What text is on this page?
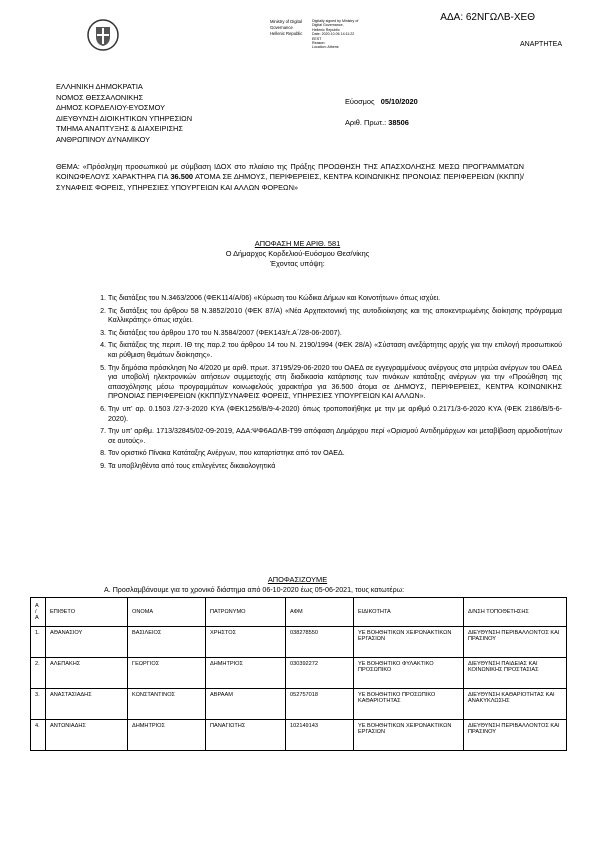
ΑΔΑ: 62ΝΓΩΛΒ-ΧΕΘ
ΑΝΑΡΤΗΤΕΑ
Ministry of Digital
Governance
Hellenic Republic
Digitally signed by Ministry of
Digital Governance,
Hellenic Republic
Date: 2020.10.06 14:11:22
EEST
Reason:
Location: Athens
ΕΛΛΗΝΙΚΗ ΔΗΜΟΚΡΑΤΙΑ
ΝΟΜΟΣ ΘΕΣΣΑΛΟΝΙΚΗΣ
ΔΗΜΟΣ ΚΟΡΔΕΛΙΟΥ-ΕΥΟΣΜΟΥ
ΔΙΕΥΘΥΝΣΗ ΔΙΟΙΚΗΤΙΚΩΝ ΥΠΗΡΕΣΙΩΝ
ΤΜΗΜΑ ΑΝΑΠΤΥΞΗΣ & ΔΙΑΧΕΙΡΙΣΗΣ
ΑΝΘΡΩΠΙΝΟΥ ΔΥΝΑΜΙΚΟΥ
Εύοσμος 05/10/2020
Αριθ. Πρωτ.: 38506
ΘΕΜΑ: «Πρόσληψη προσωπικού με σύμβαση ΙΔΟΧ στο πλαίσιο της Πράξης ΠΡΟΩΘΗΣΗ ΤΗΣ ΑΠΑΣΧΟΛΗΣΗΣ ΜΕΣΩ ΠΡΟΓΡΑΜΜΑΤΩΝ ΚΟΙΝΩΦΕΛΟΥΣ ΧΑΡΑΚΤΗΡΑ ΓΙΑ 36.500 ΑΤΟΜΑ ΣΕ ΔΗΜΟΥΣ, ΠΕΡΙΦΕΡΕΙΕΣ, ΚΕΝΤΡΑ ΚΟΙΝΩΝΙΚΗΣ ΠΡΟΝΟΙΑΣ ΠΕΡΙΦΕΡΕΙΩΝ (ΚΚΠΠ)/ΣΥΝΑΦΕΙΣ ΦΟΡΕΙΣ, ΥΠΗΡΕΣΙΕΣ ΥΠΟΥΡΓΕΙΩΝ ΚΑΙ ΑΛΛΩΝ ΦΟΡΕΩΝ»
ΑΠΟΦΑΣΗ ΜΕ ΑΡΙΘ. 581
Ο Δήμαρχος Κορδελιού-Ευόσμου Θεσ/νίκης
Έχοντας υπόψη:
1. Τις διατάξεις του Ν.3463/2006 (ΦΕΚ114/Α/06) «Κύρωση του Κώδικα Δήμων και Κοινοτήτων» όπως ισχύει.
2. Τις διατάξεις του άρθρου 58 Ν.3852/2010 (ΦΕΚ 87/Α) «Νέα Αρχιτεκτονική της αυτοδιοίκησης και της αποκεντρωμένης διοίκησης πρόγραμμα Καλλικράτης» όπως ισχύει.
3. Τις διατάξεις του άρθρου 170 του Ν.3584/2007 (ΦΕΚ143/τ.Α΄/28-06-2007).
4. Τις διατάξεις της περιπ. ΙΘ της παρ.2 του άρθρου 14 του Ν. 2190/1994 (ΦΕΚ 28/Α) «Σύσταση ανεξάρτητης αρχής για την επιλογή προσωπικού και ρύθμιση θεμάτων διοίκησης».
5. Την δημόσια πρόσκληση Νο 4/2020 με αριθ. πρωτ. 37195/29-06-2020 του ΟΑΕΔ σε εγγεγραμμένους ανέργους στα μητρώα ανέργων του ΟΑΕΔ για υποβολή ηλεκτρονικών αιτήσεων συμμετοχής στη διαδικασία κατάρτισης των πινάκων κατάταξης ανέργων για την «Προώθηση της απασχόλησης μέσω προγραμμάτων κοινωφελούς χαρακτήρα για 36.500 άτομα σε ΔΗΜΟΥΣ, ΠΕΡΙΦΕΡΕΙΕΣ, ΚΕΝΤΡΑ ΚΟΙΝΩΝΙΚΗΣ ΠΡΟΝΟΙΑΣ ΠΕΡΙΦΕΡΕΙΩΝ (ΚΚΠΠ)/ΣΥΝΑΦΕΙΣ ΦΟΡΕΙΣ, ΥΠΗΡΕΣΙΕΣ ΥΠΟΥΡΓΕΙΩΝ ΚΑΙ ΑΛΛΩΝ».
6. Την υπ' αρ. 0.1503 /27-3-2020 ΚΥΑ (ΦΕΚ1256/Β/9-4-2020) όπως τροποποιήθηκε με την με αριθμό 0.2171/3-6-2020 ΚΥΑ (ΦΕΚ 2186/Β/5-6-2020).
7. Την υπ' αριθμ. 1713/32845/02-09-2019, ΑΔΑ:ΨΦ6ΑΩΛΒ-Τ99 απόφαση Δημάρχου περί «Ορισμού Αντιδημάρχων και μεταβίβαση αρμοδιοτήτων σε αυτούς».
8. Τον οριστικό Πίνακα Κατάταξης Ανέργων, που καταρτίστηκε από τον ΟΑΕΔ.
9. Τα υποβληθέντα από τους επιλεγέντες δικαιολογητικά
ΑΠΟΦΑΣΙΖΟΥΜΕ
Α. Προσλαμβάνουμε για το χρονικό διάστημα από 06-10-2020 έως 05-06-2021, τους κατωτέρω:
Α / Α	ΕΠΙΘΕΤΟ	ΟΝΟΜΑ	ΠΑΤΡΩΝΥΜΟ	ΑΦΜ	ΕΙΔΙΚΟΤΗΤΑ	Δ/ΝΣΗ ΤΟΠΟΘΕΤΗΣΗΣ
1.	ΑΘΑΝΑΣΙΟΥ	ΒΑΣΙΛΕΙΟΣ	ΧΡΗΣΤΟΣ	038278550	ΥΕ ΒΟΗΘΗΤΙΚΩΝ ΧΕΙΡΩΝΑΚΤΙΚΩΝ ΕΡΓΑΣΙΩΝ	ΔΙΕΥΘΥΝΣΗ ΠΕΡΙΒΑΛΛΟΝΤΟΣ ΚΑΙ ΠΡΑΣΙΝΟΥ
2.	ΑΛΕΠΑΚΗΣ	ΓΕΩΡΓΙΟΣ	ΔΗΜΗΤΡΙΟΣ	030392272	ΥΕ ΒΟΗΘΗΤΙΚΟ ΦΥΛΑΚΤΙΚΟ ΠΡΟΣΩΠΙΚΟ	ΔΙΕΥΘΥΝΣΗ ΠΑΙΔΕΙΑΣ ΚΑΙ ΚΟΙΝΩΝΙΚΗΣ ΠΡΟΣΤΑΣΙΑΣ
3.	ΑΝΑΣΤΑΣΙΑΔΗΣ	ΚΩΝΣΤΑΝΤΙΝΟΣ	ΑΒΡΑΑΜ	052757018	ΥΕ ΒΟΗΘΗΤΙΚΟ ΠΡΟΣΩΠΙΚΟ ΚΑΘΑΡΙΟΤΗΤΑΣ	ΔΙΕΥΘΥΝΣΗ ΚΑΘΑΡΙΟΤΗΤΑΣ ΚΑΙ ΑΝΑΚΥΚΛΩΣΗΣ
4.	ΑΝΤΩΝΙΑΔΗΣ	ΔΗΜΗΤΡΙΟΣ	ΠΑΝΑΓΙΩΤΗΣ	102149143	ΥΕ ΒΟΗΘΗΤΙΚΩΝ ΧΕΙΡΩΝΑΚΤΙΚΩΝ ΕΡΓΑΣΙΩΝ	ΔΙΕΥΘΥΝΣΗ ΠΕΡΙΒΑΛΛΟΝΤΟΣ ΚΑΙ ΠΡΑΣΙΝΟΥ
